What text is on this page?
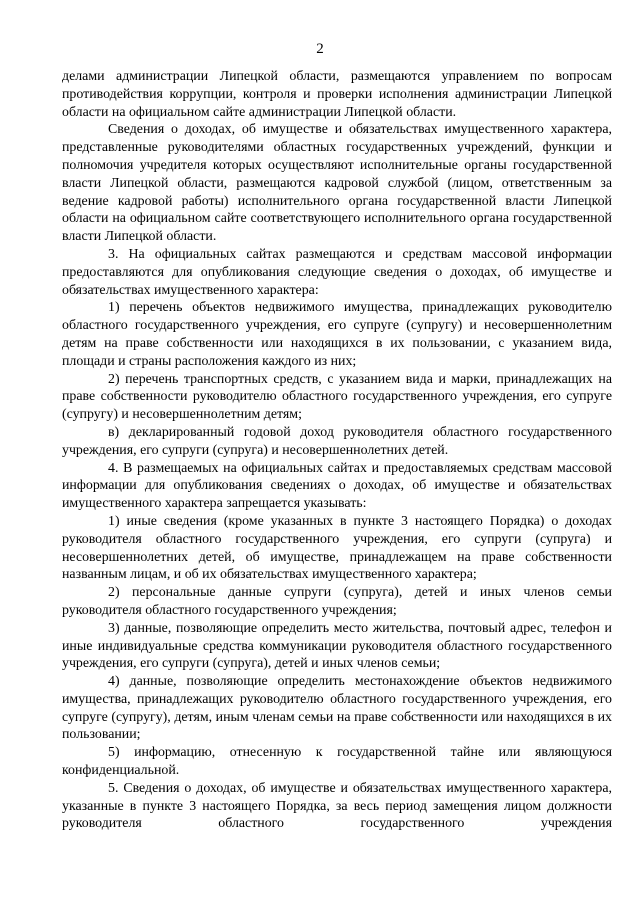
2

делами администрации Липецкой области, размещаются управлением по вопросам противодействия коррупции, контроля и проверки исполнения администрации Липецкой области на официальном сайте администрации Липецкой области.

Сведения о доходах, об имуществе и обязательствах имущественного характера, представленные руководителями областных государственных учреждений, функции и полномочия учредителя которых осуществляют исполнительные органы государственной власти Липецкой области, размещаются кадровой службой (лицом, ответственным за ведение кадровой работы) исполнительного органа государственной власти Липецкой области на официальном сайте соответствующего исполнительного органа государственной власти Липецкой области.

3. На официальных сайтах размещаются и средствам массовой информации предоставляются для опубликования следующие сведения о доходах, об имуществе и обязательствах имущественного характера:

1) перечень объектов недвижимого имущества, принадлежащих руководителю областного государственного учреждения, его супруге (супругу) и несовершеннолетним детям на праве собственности или находящихся в их пользовании, с указанием вида, площади и страны расположения каждого из них;

2) перечень транспортных средств, с указанием вида и марки, принадлежащих на праве собственности руководителю областного государственного учреждения, его супруге (супругу) и несовершеннолетним детям;

в) декларированный годовой доход руководителя областного государственного учреждения, его супруги (супруга) и несовершеннолетних детей.

4. В размещаемых на официальных сайтах и предоставляемых средствам массовой информации для опубликования сведениях о доходах, об имуществе и обязательствах имущественного характера запрещается указывать:

1) иные сведения (кроме указанных в пункте 3 настоящего Порядка) о доходах руководителя областного государственного учреждения, его супруги (супруга) и несовершеннолетних детей, об имуществе, принадлежащем на праве собственности названным лицам, и об их обязательствах имущественного характера;

2) персональные данные супруги (супруга), детей и иных членов семьи руководителя областного государственного учреждения;

3) данные, позволяющие определить место жительства, почтовый адрес, телефон и иные индивидуальные средства коммуникации руководителя областного государственного учреждения, его супруги (супруга), детей и иных членов семьи;

4) данные, позволяющие определить местонахождение объектов недвижимого имущества, принадлежащих руководителю областного государственного учреждения, его супруге (супругу), детям, иным членам семьи на праве собственности или находящихся в их пользовании;

5) информацию, отнесенную к государственной тайне или являющуюся конфиденциальной.

5. Сведения о доходах, об имуществе и обязательствах имущественного характера, указанные в пункте 3 настоящего Порядка, за весь период замещения лицом должности руководителя областного государственного учреждения
